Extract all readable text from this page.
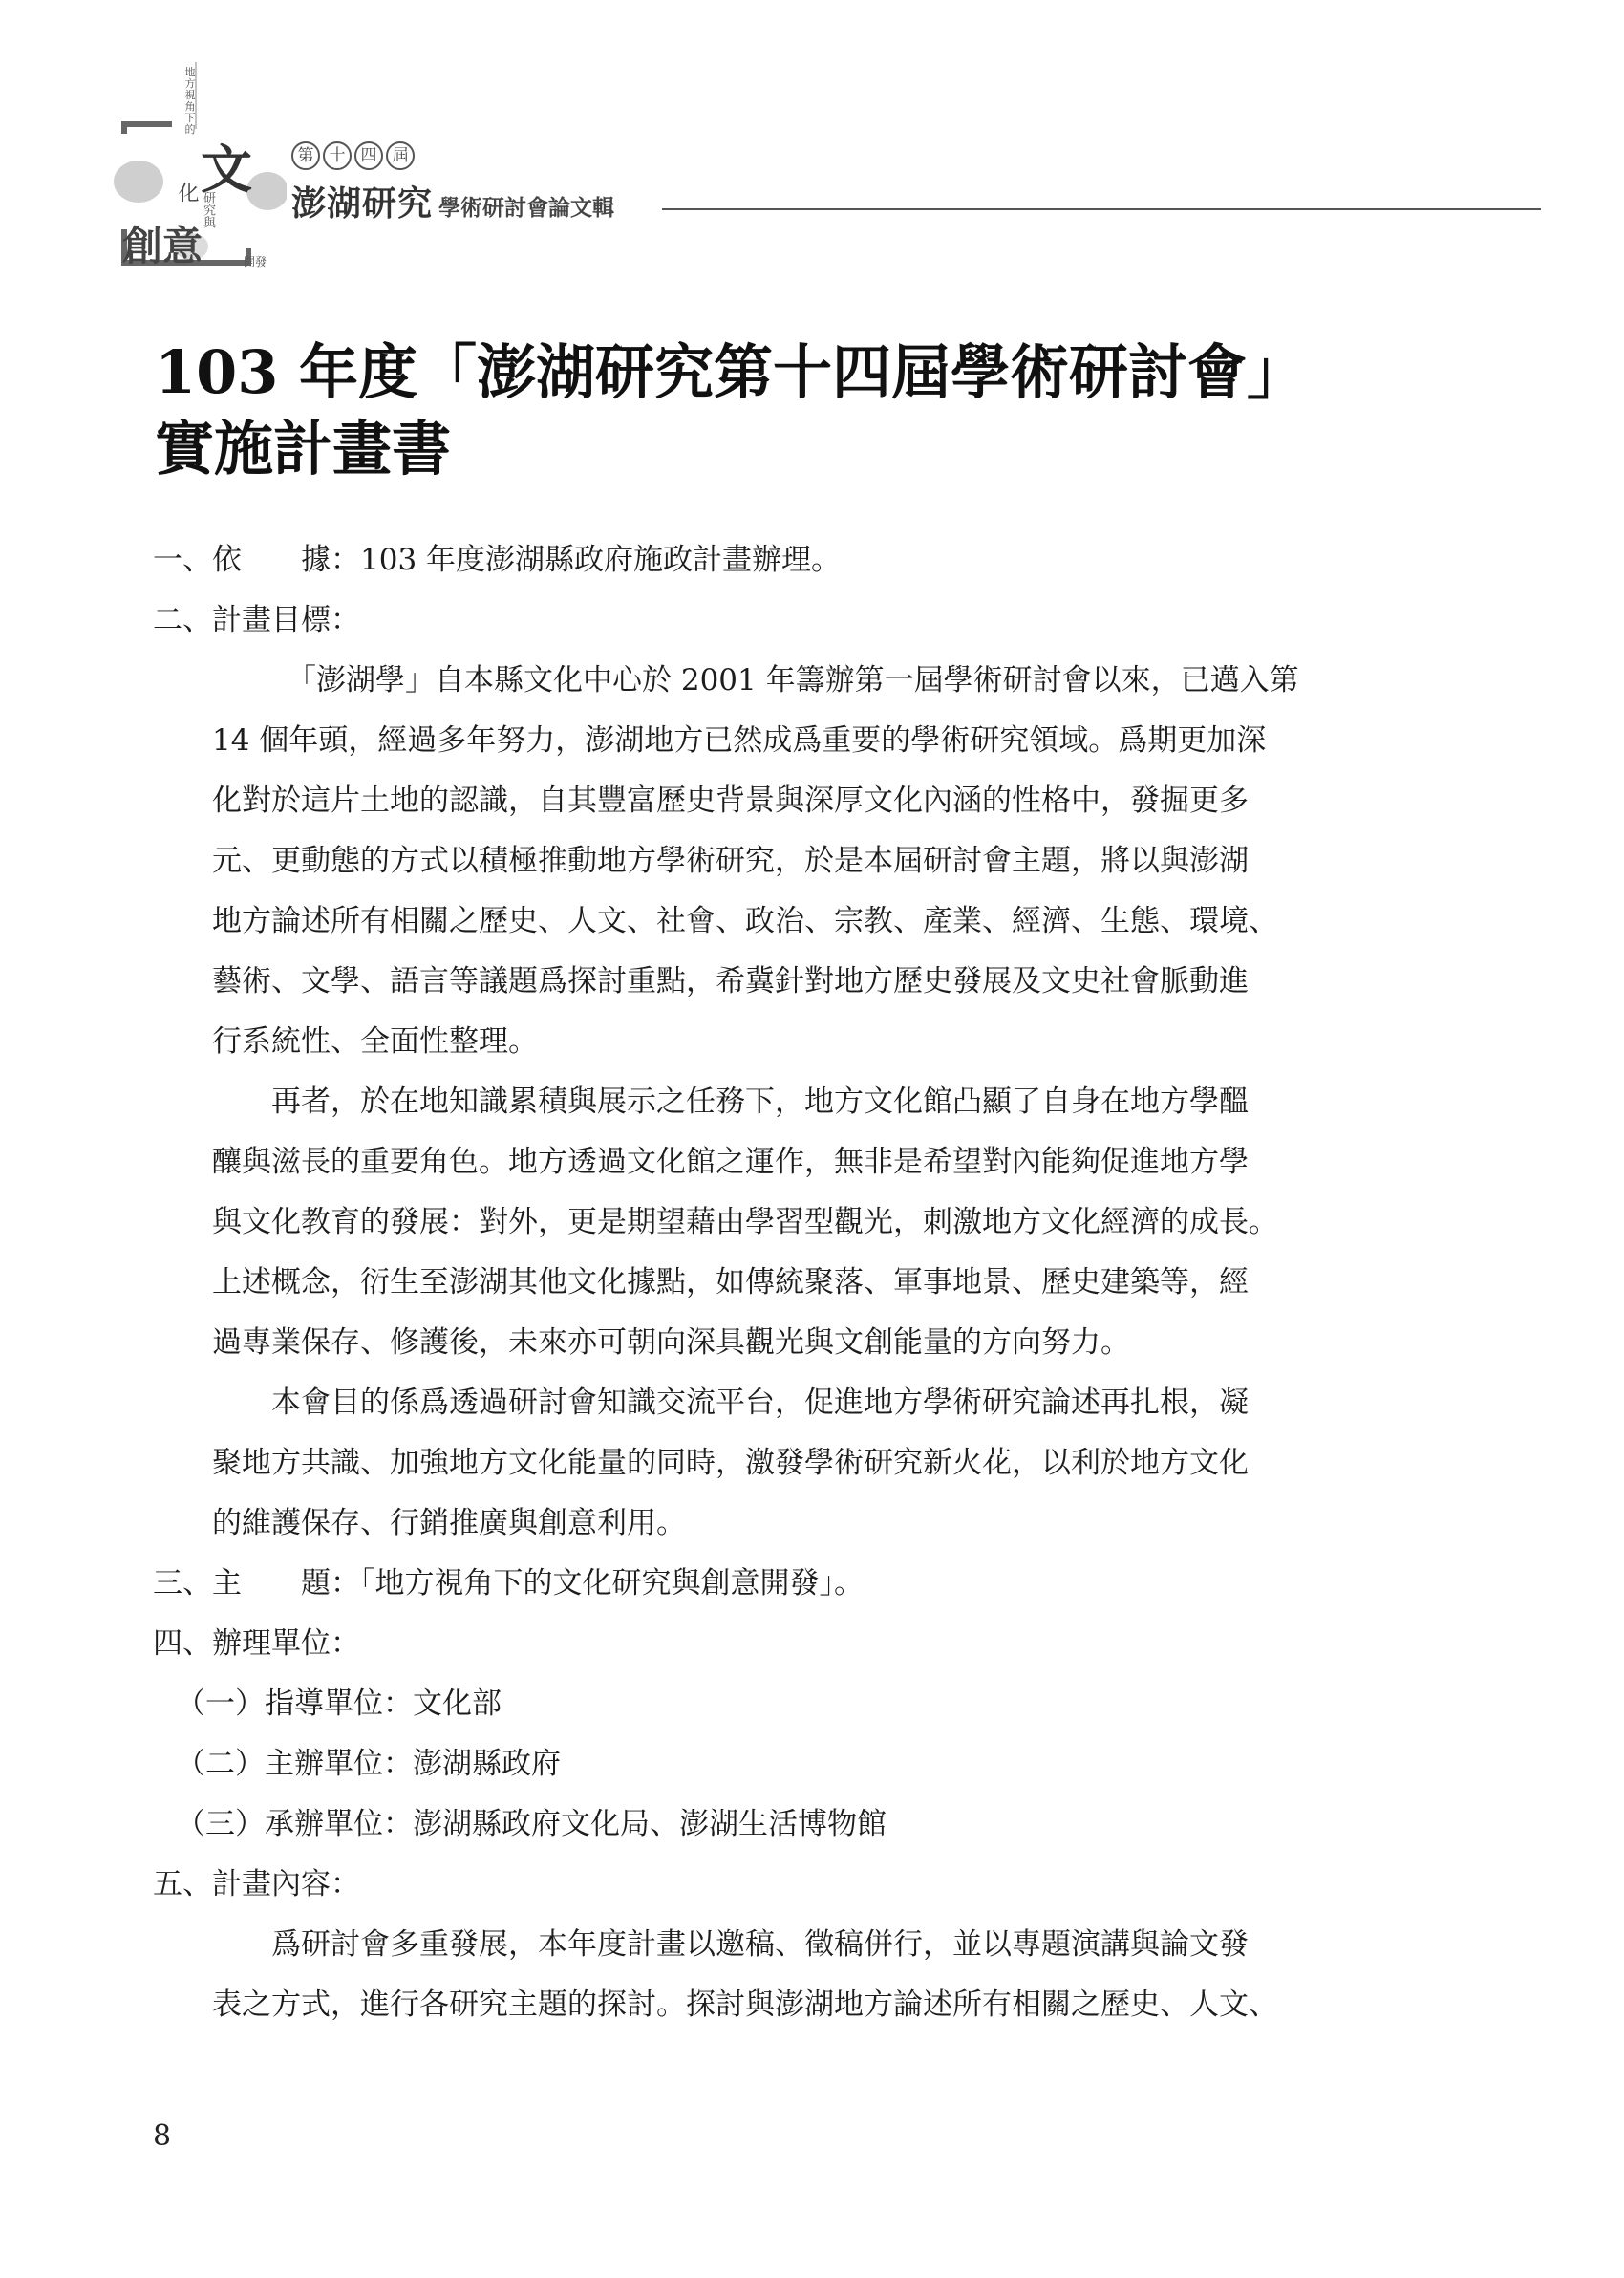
地方視角下的
文
化 研究與
創意	開發
第 十 四 屆
澎湖研究 學術研討會論文輯
103 年度「澎湖研究第十四屆學術研討會」
實施計畫書
一、依　　據：103 年度澎湖縣政府施政計畫辦理。
二、計畫目標：
「澎湖學」自本縣文化中心於 2001 年籌辦第一屆學術研討會以來，已邁入第
14 個年頭，經過多年努力，澎湖地方已然成爲重要的學術研究領域。爲期更加深
化對於這片土地的認識，自其豐富歷史背景與深厚文化內涵的性格中，發掘更多
元、更動態的方式以積極推動地方學術研究，於是本屆研討會主題，將以與澎湖
地方論述所有相關之歷史、人文、社會、政治、宗教、產業、經濟、生態、環境、
藝術、文學、語言等議題爲探討重點，希冀針對地方歷史發展及文史社會脈動進
行系統性、全面性整理。
再者，於在地知識累積與展示之任務下，地方文化館凸顯了自身在地方學醞
釀與滋長的重要角色。地方透過文化館之運作，無非是希望對內能夠促進地方學
與文化教育的發展：對外，更是期望藉由學習型觀光，刺激地方文化經濟的成長。
上述概念，衍生至澎湖其他文化據點，如傳統聚落、軍事地景、歷史建築等，經
過專業保存、修護後，未來亦可朝向深具觀光與文創能量的方向努力。
本會目的係爲透過研討會知識交流平台，促進地方學術研究論述再扎根，凝
聚地方共識、加強地方文化能量的同時，激發學術研究新火花，以利於地方文化
的維護保存、行銷推廣與創意利用。
三、主　　題：「地方視角下的文化研究與創意開發」。
四、辦理單位：
（一）指導單位：文化部
（二）主辦單位：澎湖縣政府
（三）承辦單位：澎湖縣政府文化局、澎湖生活博物館
五、計畫內容：
爲研討會多重發展，本年度計畫以邀稿、徵稿併行，並以專題演講與論文發
表之方式，進行各研究主題的探討。探討與澎湖地方論述所有相關之歷史、人文、
8
